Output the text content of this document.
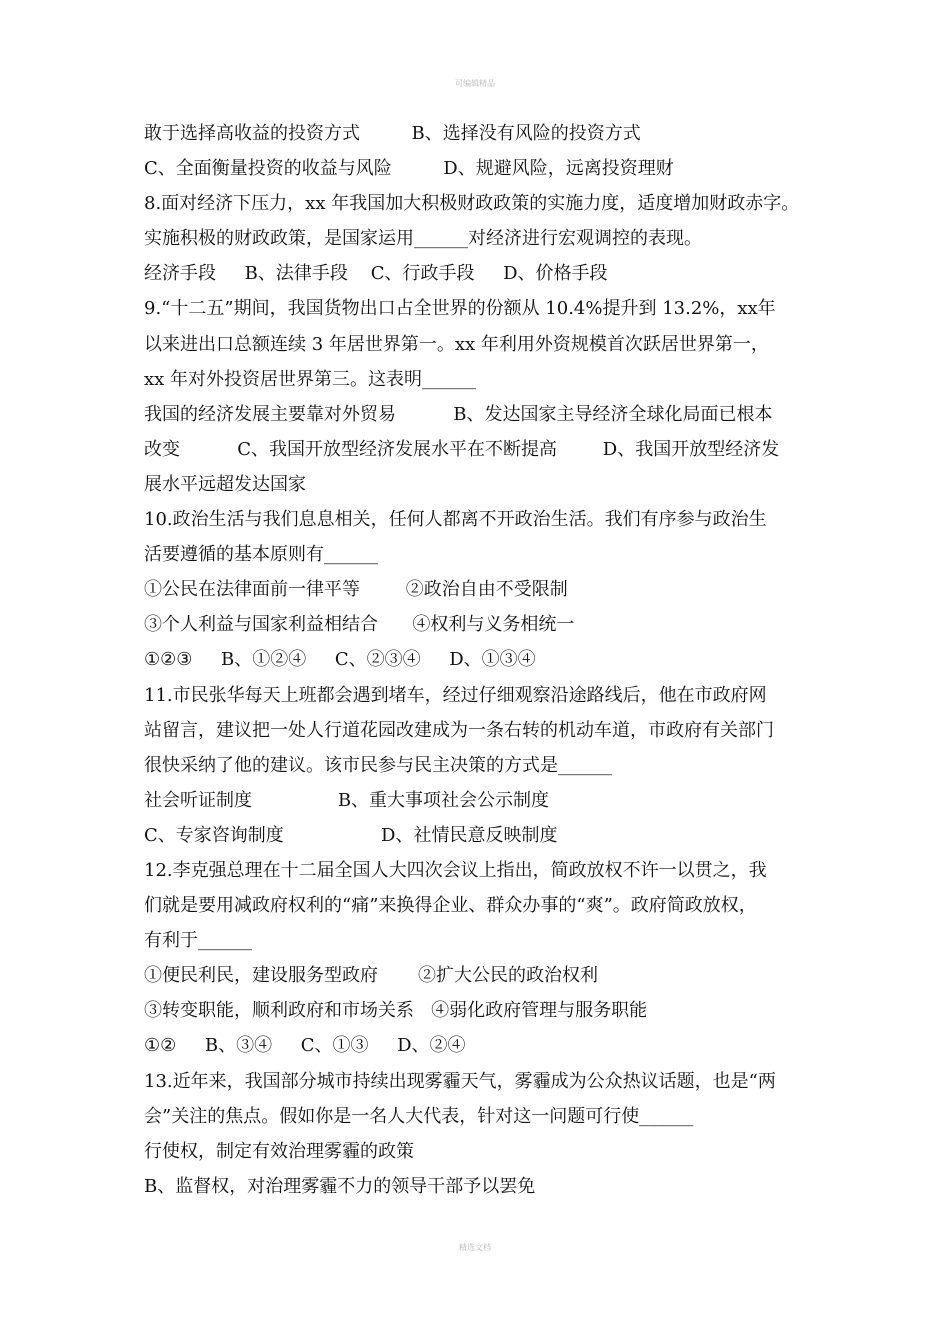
可编辑精品
敢于选择高收益的投资方式         B、选择没有风险的投资方式
C、全面衡量投资的收益与风险         D、规避风险，远离投资理财
8.面对经济下压力，xx 年我国加大积极财政政策的实施力度，适度增加财政赤字。
实施积极的财政政策，是国家运用______对经济进行宏观调控的表现。
经济手段     B、法律手段    C、行政手段     D、价格手段
9.“十二五”期间，我国货物出口占全世界的份额从 10.4%提升到 13.2%，xx年
以来进出口总额连续 3 年居世界第一。xx 年利用外资规模首次跃居世界第一，
xx 年对外投资居世界第三。这表明______
我国的经济发展主要靠对外贸易          B、发达国家主导经济全球化局面已根本
改变          C、我国开放型经济发展水平在不断提高        D、我国开放型经济发
展水平远超发达国家
10.政治生活与我们息息相关，任何人都离不开政治生活。我们有序参与政治生
活要遵循的基本原则有______
①公民在法律面前一律平等        ②政治自由不受限制
③个人利益与国家利益相结合      ④权利与义务相统一
①②③     B、①②④     C、②③④     D、①③④
11.市民张华每天上班都会遇到堵车，经过仔细观察沿途路线后，他在市政府网
站留言，建议把一处人行道花园改建成为一条右转的机动车道，市政府有关部门
很快采纳了他的建议。该市民参与民主决策的方式是______
社会听证制度               B、重大事项社会公示制度
C、专家咨询制度                 D、社情民意反映制度
12.李克强总理在十二届全国人大四次会议上指出，简政放权不许一以贯之，我
们就是要用减政府权利的“痛”来换得企业、群众办事的“爽”。政府简政放权，
有利于______
①便民利民，建设服务型政府       ②扩大公民的政治权利
③转变职能，顺利政府和市场关系   ④弱化政府管理与服务职能
①②     B、③④     C、①③     D、②④
13.近年来，我国部分城市持续出现雾霾天气，雾霾成为公众热议话题，也是“两
会”关注的焦点。假如你是一名人大代表，针对这一问题可行使______
行使权，制定有效治理雾霾的政策
B、监督权，对治理雾霾不力的领导干部予以罢免
精选文档
